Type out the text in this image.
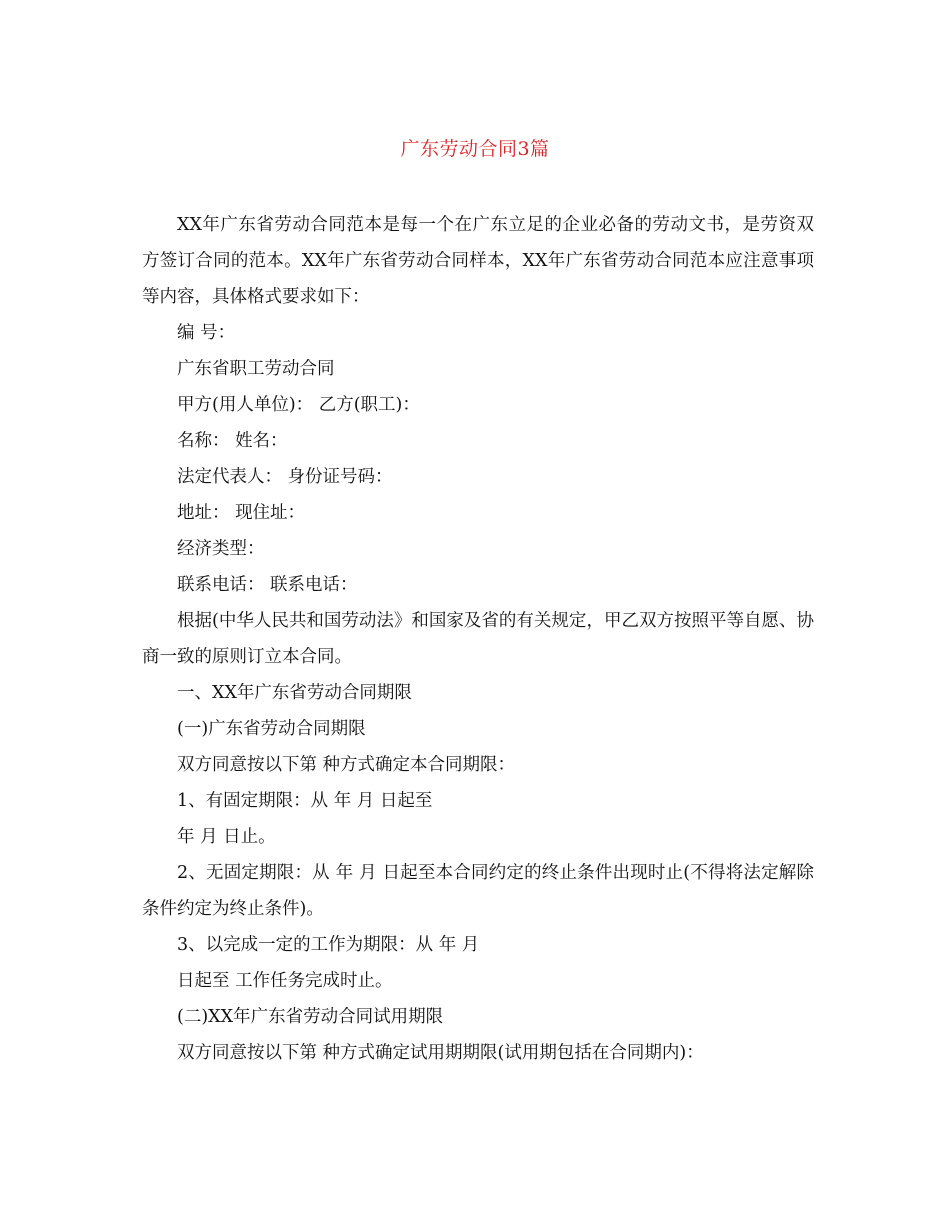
广东劳动合同3篇

XX年广东省劳动合同范本是每一个在广东立足的企业必备的劳动文书，是劳资双方签订合同的范本。XX年广东省劳动合同样本，XX年广东省劳动合同范本应注意事项等内容，具体格式要求如下：

编 号：

广东省职工劳动合同

甲方(用人单位)： 乙方(职工)：

名称： 姓名：

法定代表人： 身份证号码：

地址： 现住址：

经济类型：

联系电话： 联系电话：

根据(中华人民共和国劳动法》和国家及省的有关规定，甲乙双方按照平等自愿、协商一致的原则订立本合同。

一、XX年广东省劳动合同期限

(一)广东省劳动合同期限

双方同意按以下第 种方式确定本合同期限：

1、有固定期限：从 年 月 日起至

年 月 日止。

2、无固定期限：从 年 月 日起至本合同约定的终止条件出现时止(不得将法定解除条件约定为终止条件)。

3、以完成一定的工作为期限：从 年 月

日起至 工作任务完成时止。

(二)XX年广东省劳动合同试用期限

双方同意按以下第 种方式确定试用期期限(试用期包括在合同期内)：
